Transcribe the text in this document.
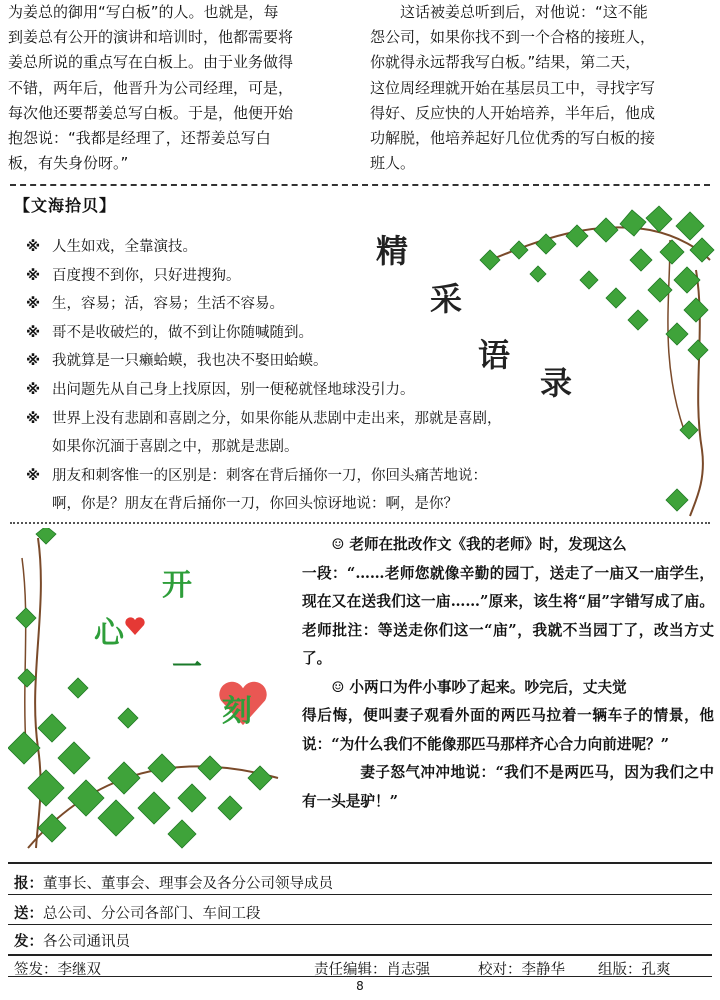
为姜总的御用“写白板”的人。也就是，每

到姜总有公开的演讲和培训时，他都需要将

姜总所说的重点写在白板上。由于业务做得

不错，两年后，他晋升为公司经理，可是，

每次他还要帮姜总写白板。于是，他便开始

抱怨说：“我都是经理了，还帮姜总写白

板，有失身份呀。”

这话被姜总听到后，对他说：“这不能

怨公司，如果你找不到一个合格的接班人，

你就得永远帮我写白板。”结果，第二天，

这位周经理就开始在基层员工中，寻找字写

得好、反应快的人开始培养，半年后，他成

功解脱，他培养起好几位优秀的写白板的接

班人。

【文海拾贝】
※ 人生如戏，全靠演技。
※ 百度搜不到你，只好进搜狗。
※ 生，容易；活，容易；生活不容易。
※ 哥不是收破烂的，做不到让你随喊随到。
※ 我就算是一只癞蛤蟆，我也决不娶田蛤蟆。
※ 出问题先从自己身上找原因，别一便秘就怪地球没引力。
※ 世界上没有悲剧和喜剧之分，如果你能从悲剧中走出来，那就是喜剧，
如果你沉湎于喜剧之中，那就是悲剧。
※ 朋友和刺客惟一的区别是：刺客在背后捅你一刀，你回头痛苦地说：
啊，你是？朋友在背后捅你一刀，你回头惊讶地说：啊，是你？
精
采
语
录
开
心
一
刻

☺ 老师在批改作文《我的老师》时，发现这么

一段：“……老师您就像辛勤的园丁，送走了一庙又一庙学生，现在又在送我们这一庙……”原来，该生将“届”字错写成了庙。老师批注：等送走你们这一“庙”，我就不当园丁了，改当方丈了。

☺ 小两口为件小事吵了起来。吵完后，丈夫觉

得后悔，便叫妻子观看外面的两匹马拉着一辆车子的情景，他说：“为什么我们不能像那匹马那样齐心合力向前进呢？”

妻子怒气冲冲地说：“我们不是两匹马，因为我们之中有一头是驴！”

报：董事长、董事会、理事会及各分公司领导成员
送：总公司、分公司各部门、车间工段
发：各公司通讯员
签发：李继双	责任编辑：肖志强	校对：李静华 组版：孔爽
8
